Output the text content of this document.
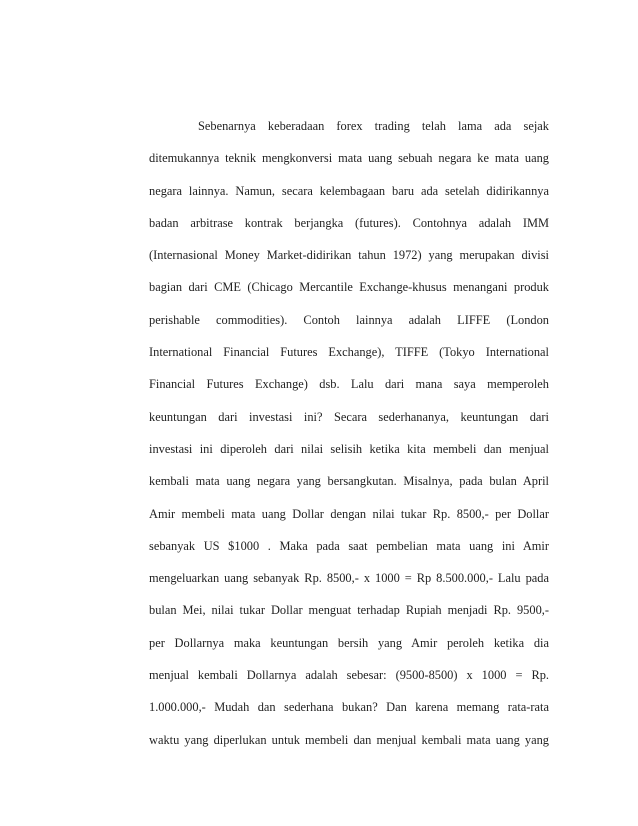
Sebenarnya keberadaan forex trading telah lama ada sejak
ditemukannya teknik mengkonversi mata uang sebuah negara ke mata uang
negara lainnya. Namun, secara kelembagaan baru ada setelah didirikannya
badan arbitrase kontrak berjangka (futures). Contohnya adalah IMM
(Internasional Money Market-didirikan tahun 1972) yang merupakan divisi
bagian dari CME (Chicago Mercantile Exchange-khusus menangani produk
perishable commodities). Contoh lainnya adalah LIFFE (London
International Financial Futures Exchange), TIFFE (Tokyo International
Financial Futures Exchange) dsb. Lalu dari mana saya memperoleh
keuntungan dari investasi ini? Secara sederhananya, keuntungan dari
investasi ini diperoleh dari nilai selisih ketika kita membeli dan menjual
kembali mata uang negara yang bersangkutan. Misalnya, pada bulan April
Amir membeli mata uang Dollar dengan nilai tukar Rp. 8500,- per Dollar
sebanyak US $1000 . Maka pada saat pembelian mata uang ini Amir
mengeluarkan uang sebanyak Rp. 8500,- x 1000 = Rp 8.500.000,- Lalu pada
bulan Mei, nilai tukar Dollar menguat terhadap Rupiah menjadi Rp. 9500,-
per Dollarnya maka keuntungan bersih yang Amir peroleh ketika dia
menjual kembali Dollarnya adalah sebesar: (9500-8500) x 1000 = Rp.
1.000.000,- Mudah dan sederhana bukan? Dan karena memang rata-rata
waktu yang diperlukan untuk membeli dan menjual kembali mata uang yang
